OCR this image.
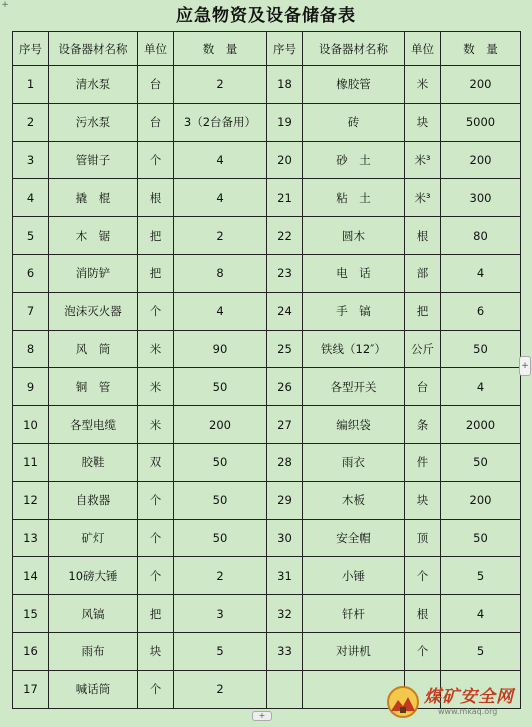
+
应急物资及设备储备表
序号	设备器材名称	单位	数　量	序号	设备器材名称	单位	数　量
1	清水泵	台	2	18	橡胶管	米	200
2	污水泵	台	3（2台备用）	19	砖	块	5000
3	管钳子	个	4	20	砂　土	米³	200
4	撬　棍	根	4	21	粘　土	米³	300
5	木　锯	把	2	22	圆木	根	80
6	消防铲	把	8	23	电　话	部	4
7	泡沫灭火器	个	4	24	手　镐	把	6
8	风　筒	米	90	25	铁线（12″）	公斤	50
9	铜　管	米	50	26	各型开关	台	4
10	各型电缆	米	200	27	编织袋	条	2000
11	胶鞋	双	50	28	雨衣	件	50
12	自救器	个	50	29	木板	块	200
13	矿灯	个	50	30	安全帽	顶	50
14	10磅大锤	个	2	31	小锤	个	5
15	风镐	把	3	32	钎杆	根	4
16	雨布	块	5	33	对讲机	个	5
17	喊话筒	个	2				
+
+
煤矿安全网
www.mkaq.org
